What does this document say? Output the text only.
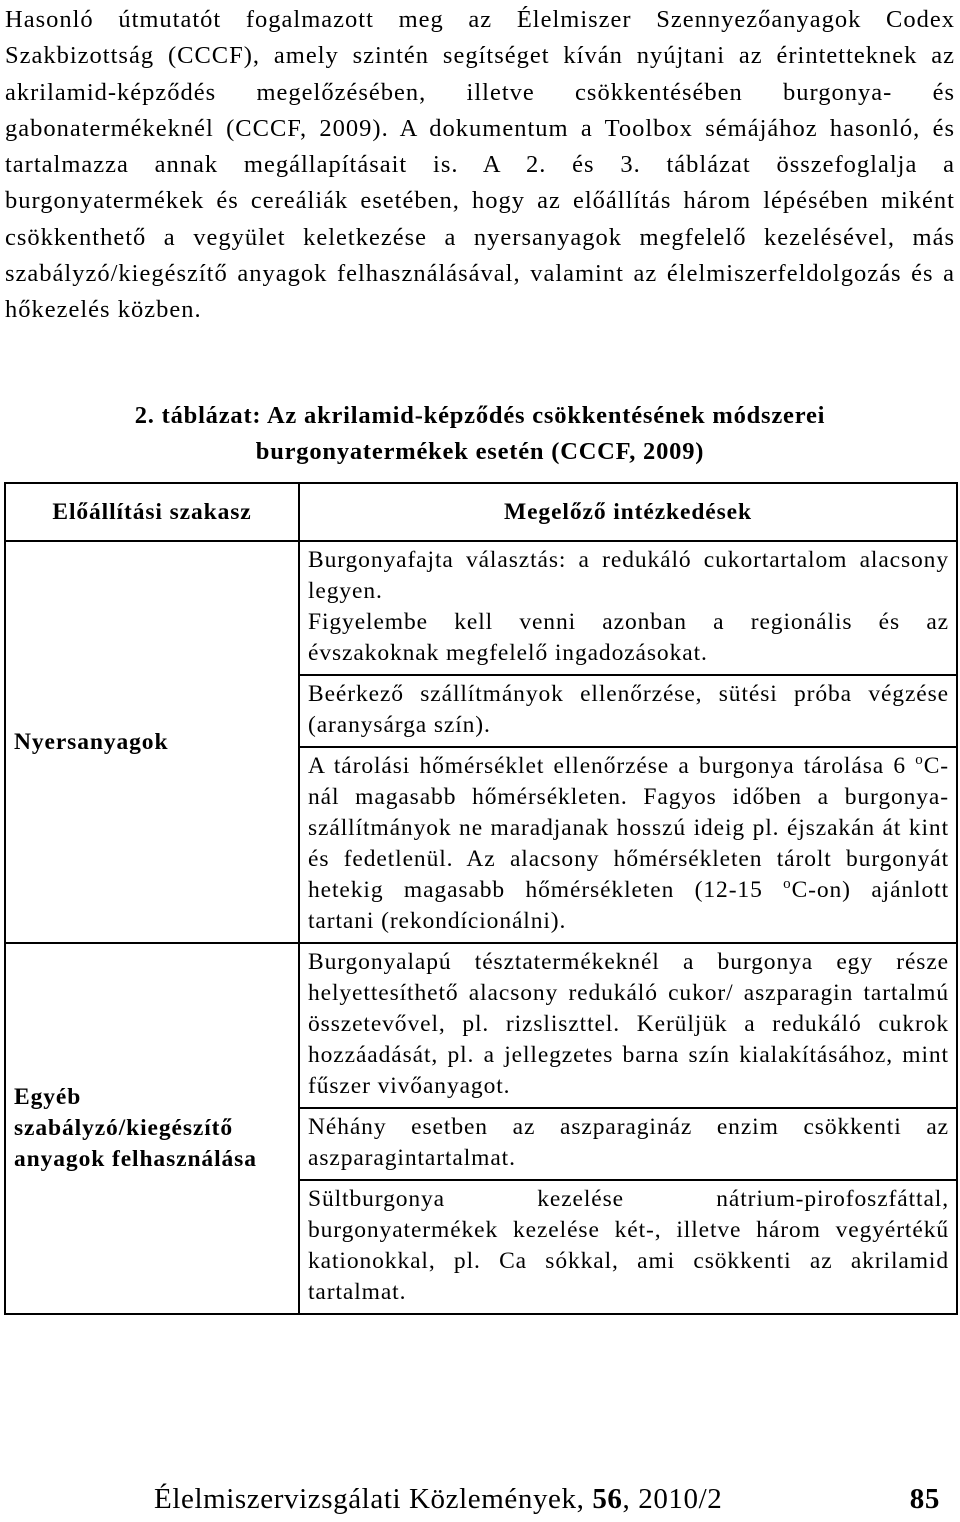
Hasonló útmutatót fogalmazott meg az Élelmiszer Szennyezőanyagok Codex Szakbizottság (CCCF), amely szintén segítséget kíván nyújtani az érintetteknek az akrilamid-képződés megelőzésében, illetve csökkentésében burgonya- és gabonatermékeknél (CCCF, 2009). A dokumentum a Toolbox sémájához hasonló, és tartalmazza annak megállapításait is. A 2. és 3. táblázat összefoglalja a burgonyatermékek és cereáliák esetében, hogy az előállítás három lépésében miként csökkenthető a vegyület keletkezése a nyersanyagok megfelelő kezelésével, más szabályzó/kiegészítő anyagok felhasználásával, valamint az élelmiszerfeldolgozás és a hőkezelés közben.

2. táblázat: Az akrilamid-képződés csökkentésének módszerei
burgonyatermékek esetén (CCCF, 2009)
Előállítási szakasz	Megelőző intézkedések
Nyersanyagok	Burgonyafajta választás: a redukáló cukortartalom alacsony legyen.
Figyelembe kell venni azonban a regionális és az évszakoknak megfelelő ingadozásokat.

	Beérkező szállítmányok ellenőrzése, sütési próba végzése (aranysárga szín).

	A tárolási hőmérséklet ellenőrzése a burgonya tárolása 6 $^o$C-nál magasabb hőmérsékleten. Fagyos időben a burgonya-szállítmányok ne maradjanak hosszú ideig pl. éjszakán át kint és fedetlenül. Az alacsony hőmérsékleten tárolt burgonyát hetekig magasabb hőmérsékleten (12-15 $^o$C-on) ajánlott tartani (rekondícionálni).
Egyéb szabályzó/kiegészítő anyagok felhasználása	Burgonyalapú tésztatermékeknél a burgonya egy része helyettesíthető alacsony redukáló cukor/ aszparagin tartalmú összetevővel, pl. rizsliszttel. Kerüljük a redukáló cukrok hozzáadását, pl. a jellegzetes barna szín kialakításához, mint fűszer vivőanyagot.

	Néhány esetben az aszparagináz enzim csökkenti az aszparagintartalmat.

	Sültburgonya kezelése nátrium-pirofoszfáttal, burgonyatermékek kezelése két-, illetve három vegyértékű kationokkal, pl. Ca sókkal, ami csökkenti az akrilamid tartalmat.
Élelmiszervizsgálati Közlemények, 56, 2010/2	85
